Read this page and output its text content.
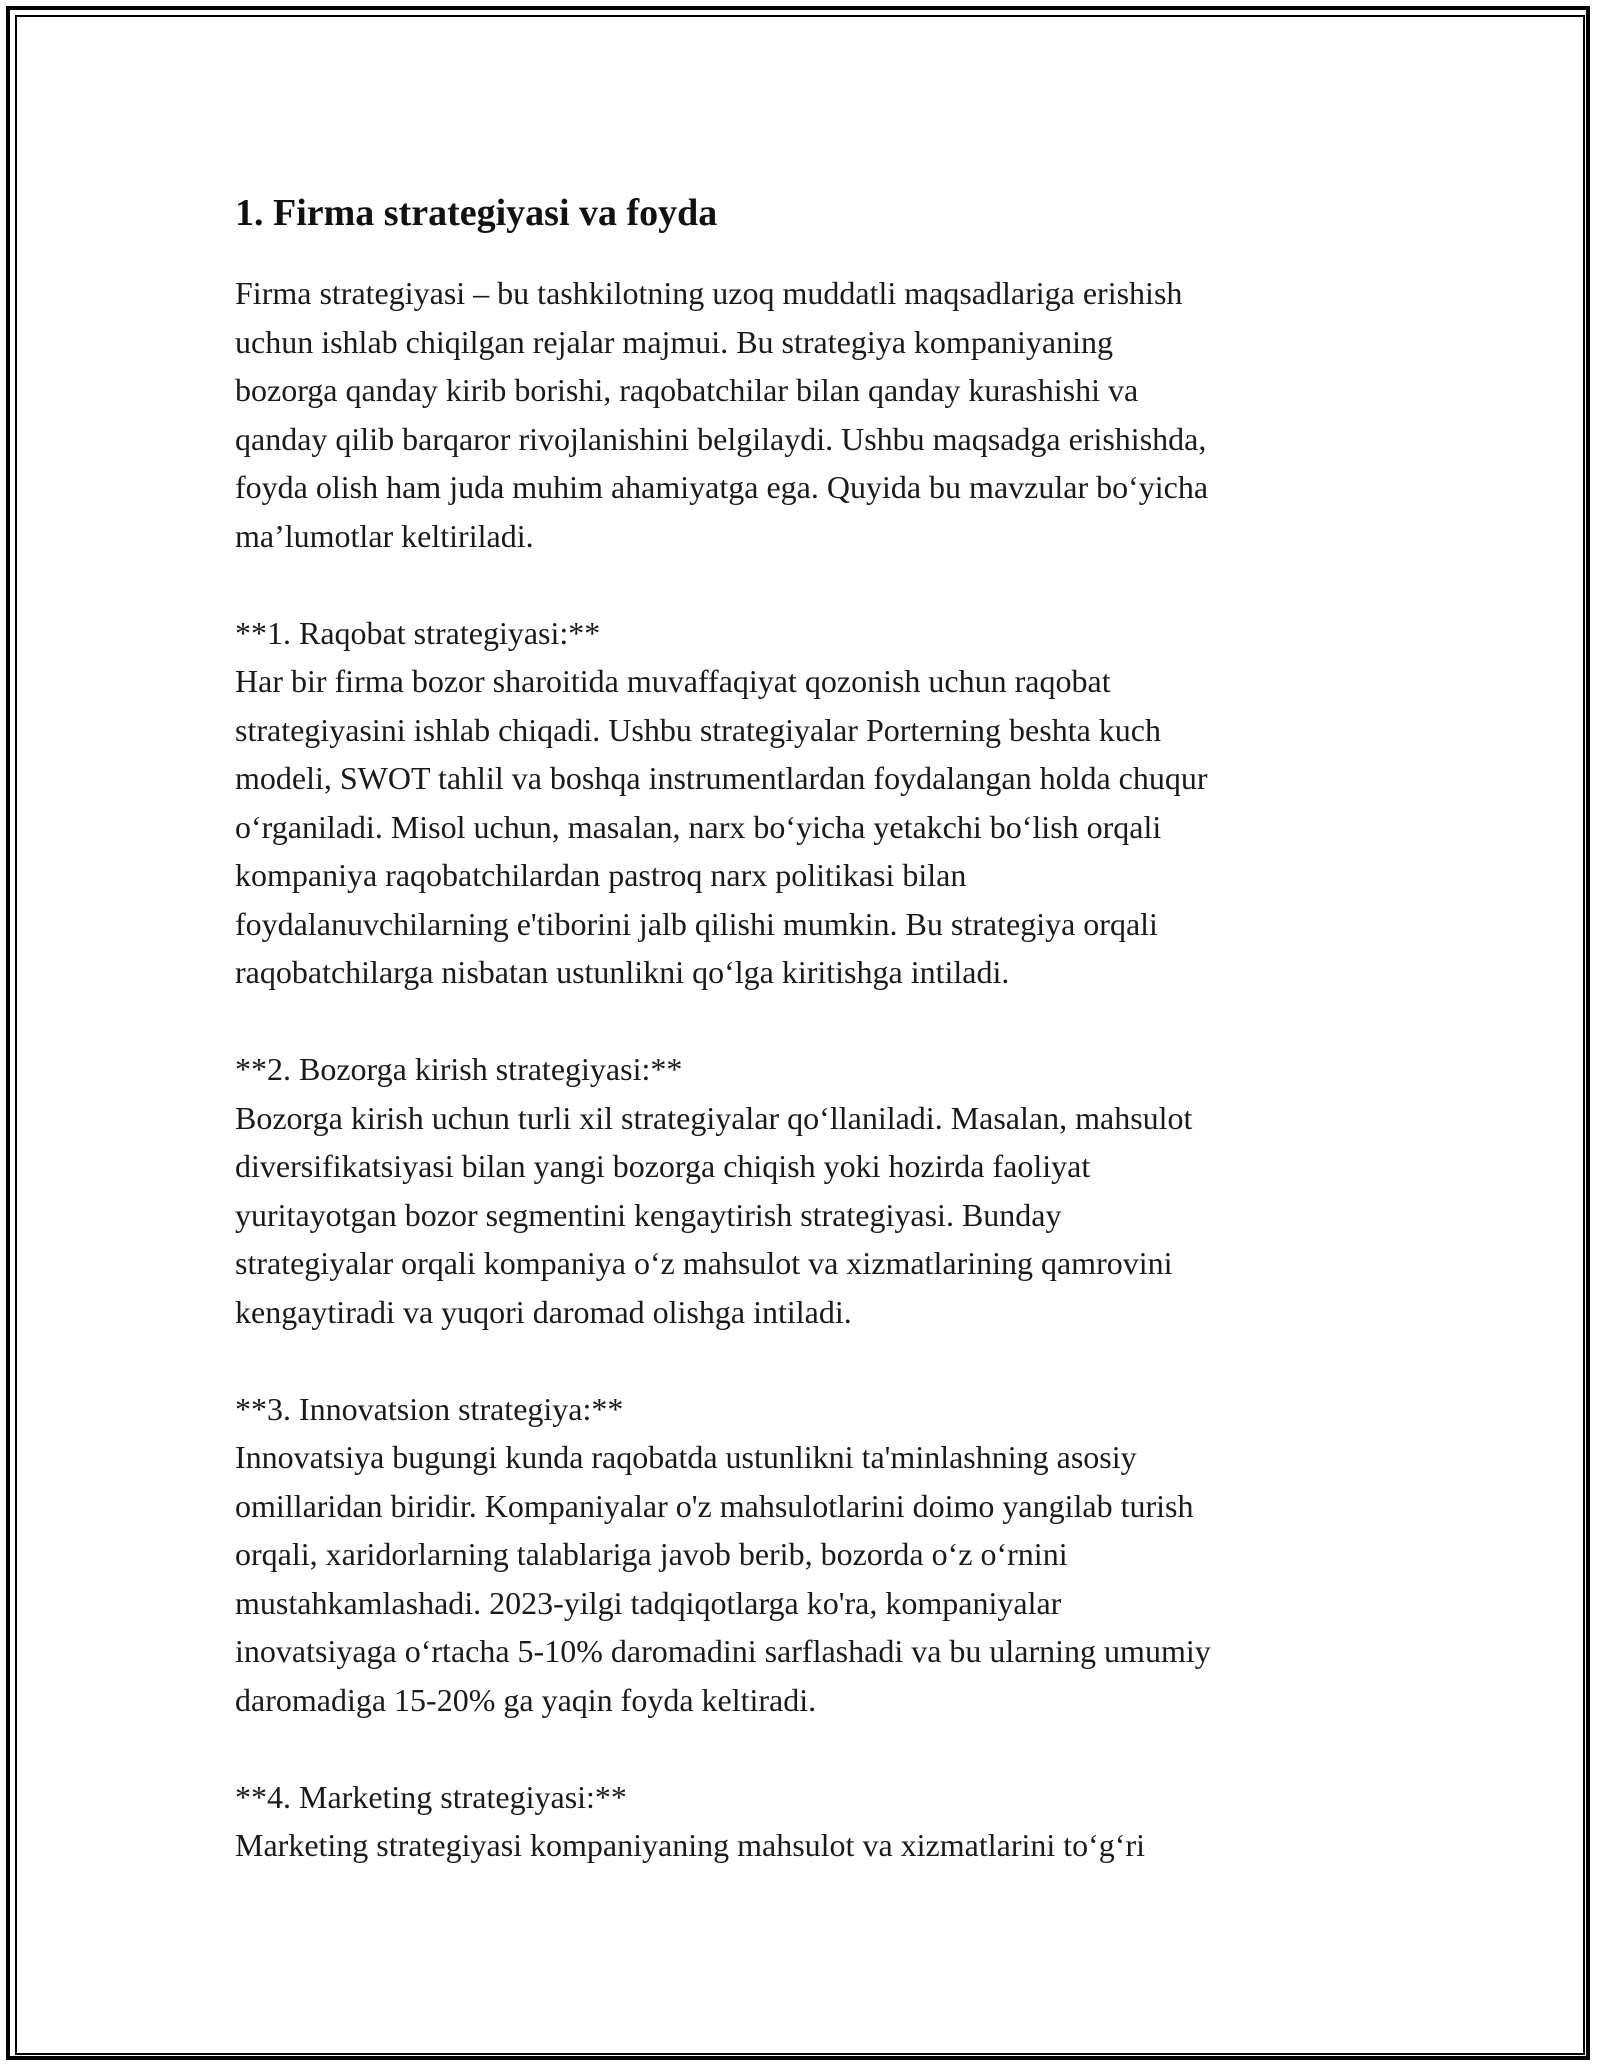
1. Firma strategiyasi va foyda
Firma strategiyasi – bu tashkilotning uzoq muddatli maqsadlariga erishish
uchun ishlab chiqilgan rejalar majmui. Bu strategiya kompaniyaning
bozorga qanday kirib borishi, raqobatchilar bilan qanday kurashishi va
qanday qilib barqaror rivojlanishini belgilaydi. Ushbu maqsadga erishishda,
foyda olish ham juda muhim ahamiyatga ega. Quyida bu mavzular boʻyicha
maʼlumotlar keltiriladi.
**1. Raqobat strategiyasi:**
Har bir firma bozor sharoitida muvaffaqiyat qozonish uchun raqobat
strategiyasini ishlab chiqadi. Ushbu strategiyalar Porterning beshta kuch
modeli, SWOT tahlil va boshqa instrumentlardan foydalangan holda chuqur
oʻrganiladi. Misol uchun, masalan, narx boʻyicha yetakchi boʻlish orqali
kompaniya raqobatchilardan pastroq narx politikasi bilan
foydalanuvchilarning e'tiborini jalb qilishi mumkin. Bu strategiya orqali
raqobatchilarga nisbatan ustunlikni qoʻlga kiritishga intiladi.
**2. Bozorga kirish strategiyasi:**
Bozorga kirish uchun turli xil strategiyalar qoʻllaniladi. Masalan, mahsulot
diversifikatsiyasi bilan yangi bozorga chiqish yoki hozirda faoliyat
yuritayotgan bozor segmentini kengaytirish strategiyasi. Bunday
strategiyalar orqali kompaniya oʻz mahsulot va xizmatlarining qamrovini
kengaytiradi va yuqori daromad olishga intiladi.
**3. Innovatsion strategiya:**
Innovatsiya bugungi kunda raqobatda ustunlikni ta'minlashning asosiy
omillaridan biridir. Kompaniyalar o'z mahsulotlarini doimo yangilab turish
orqali, xaridorlarning talablariga javob berib, bozorda oʻz oʻrnini
mustahkamlashadi. 2023-yilgi tadqiqotlarga ko'ra, kompaniyalar
inovatsiyaga oʻrtacha 5-10% daromadini sarflashadi va bu ularning umumiy
daromadiga 15-20% ga yaqin foyda keltiradi.
**4. Marketing strategiyasi:**
Marketing strategiyasi kompaniyaning mahsulot va xizmatlarini toʻgʻri
